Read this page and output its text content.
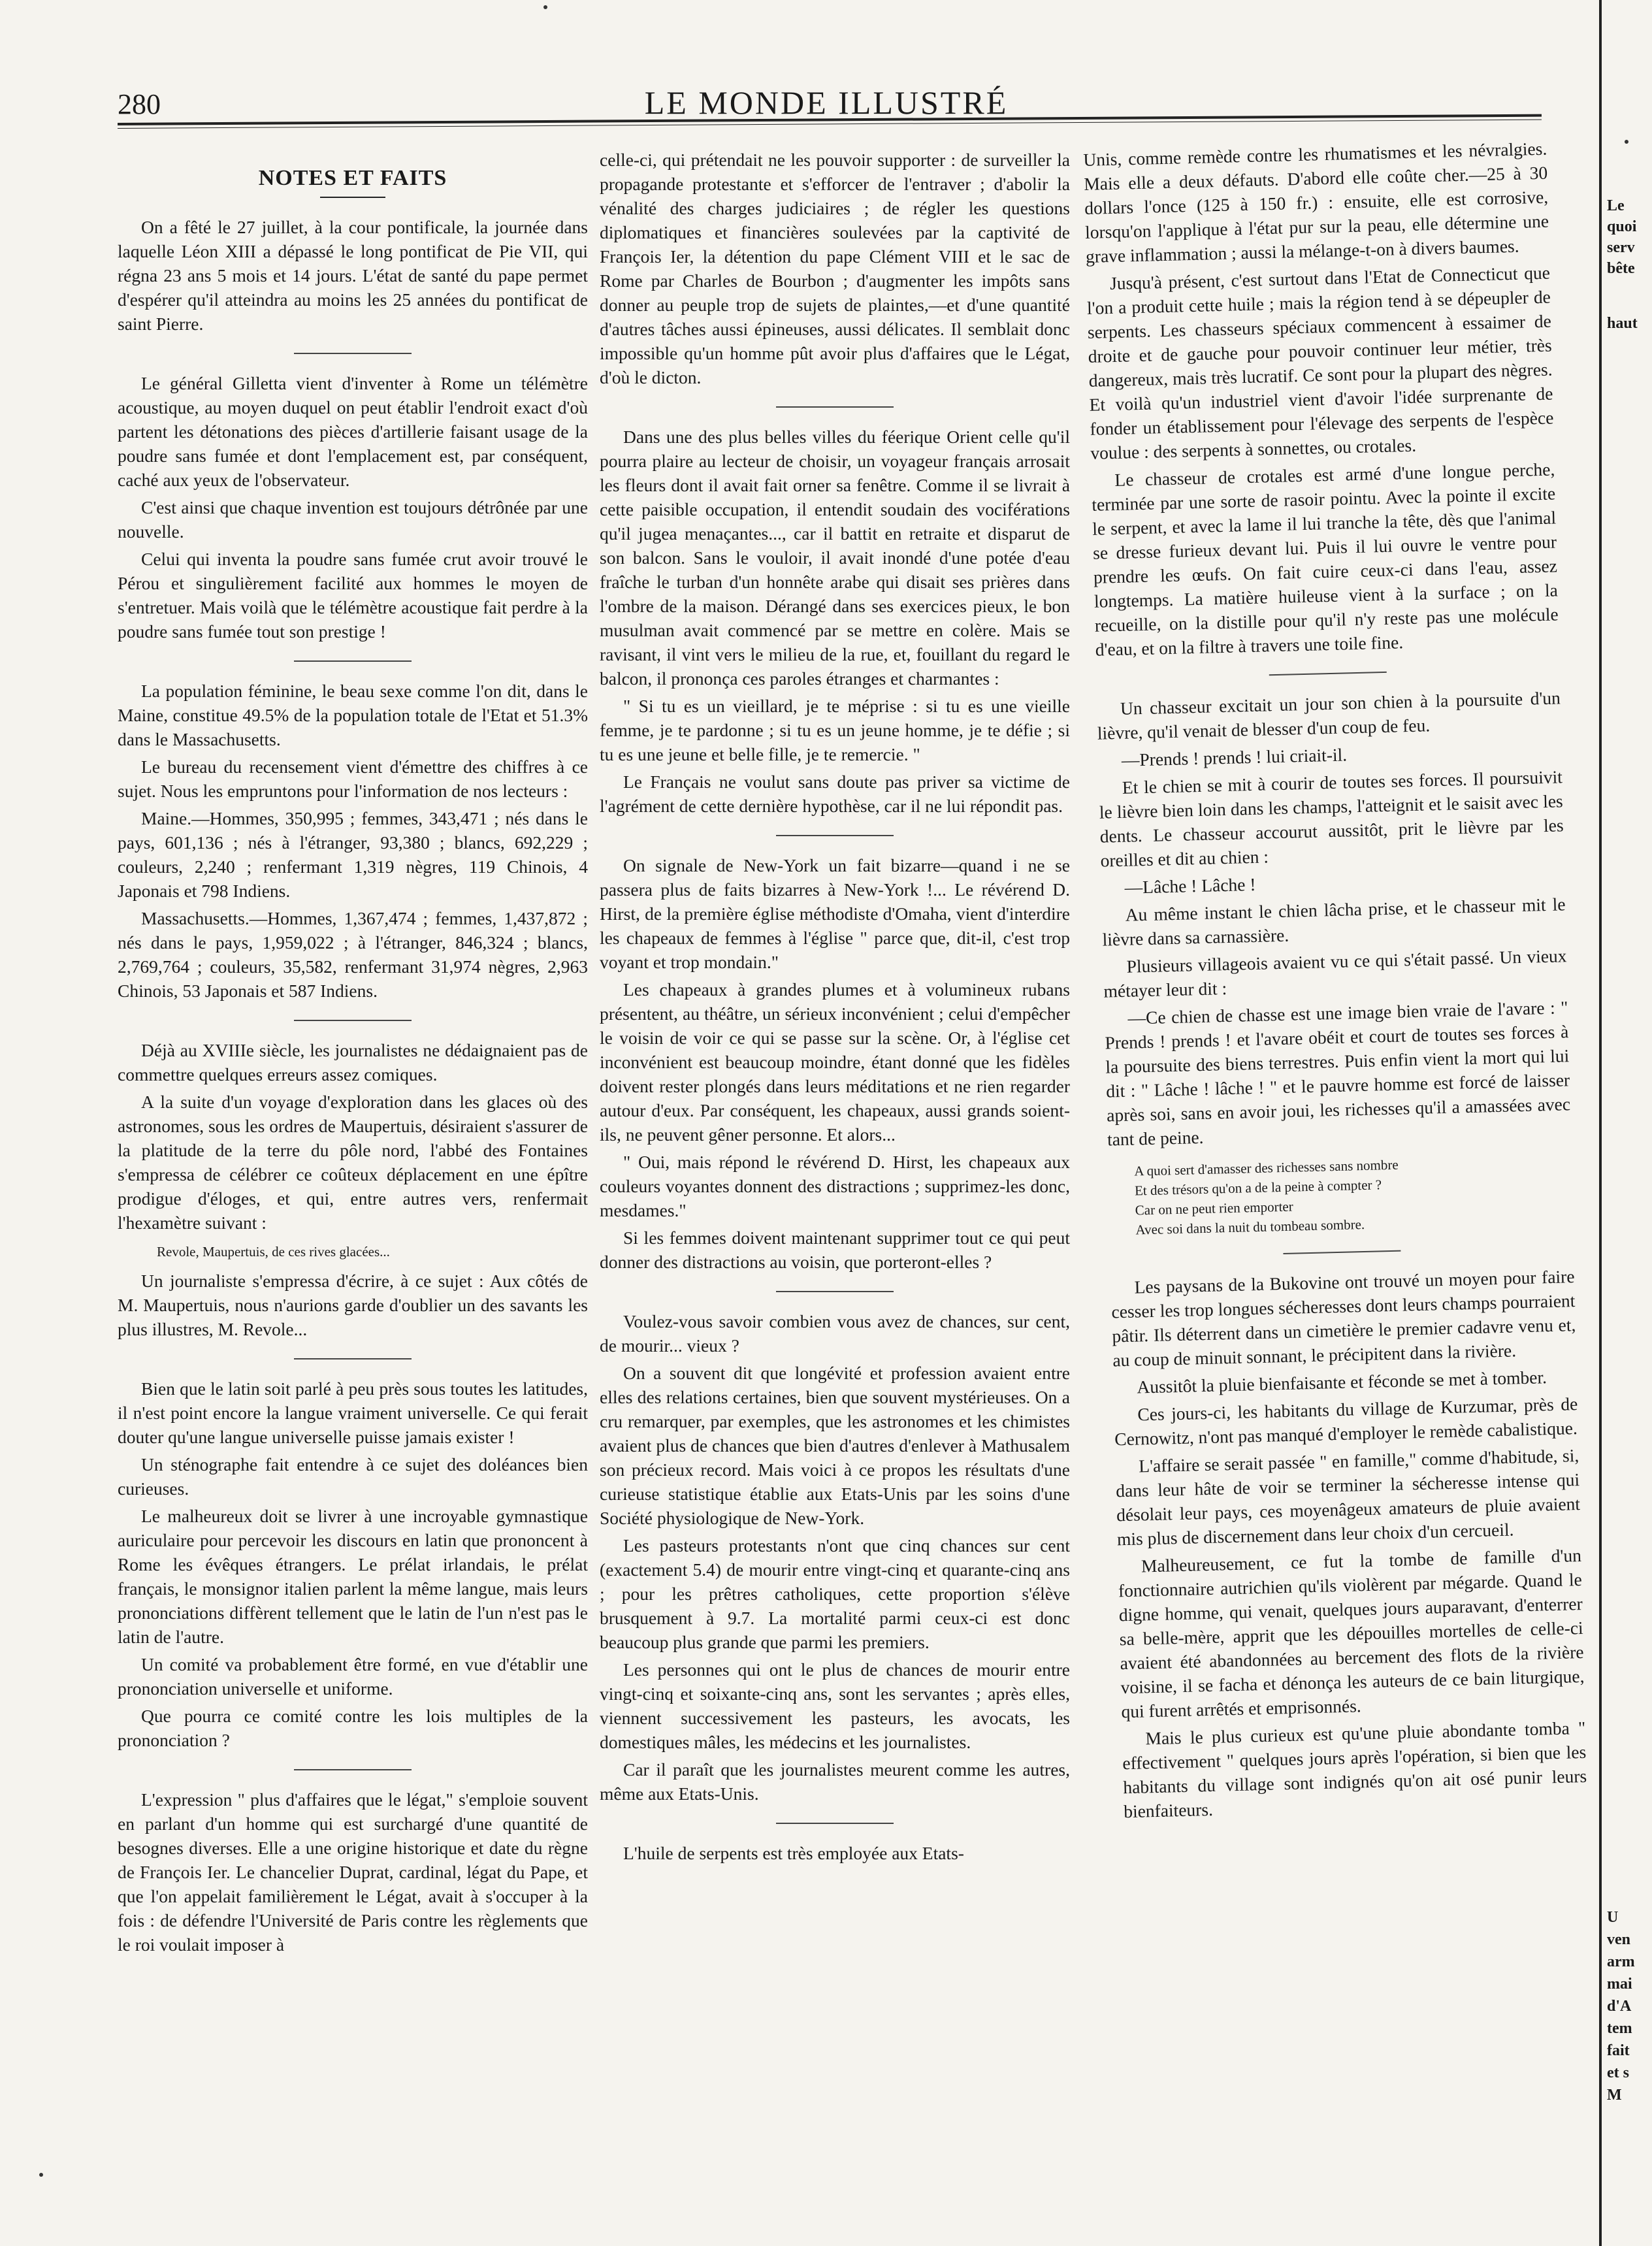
280	LE MONDE ILLUSTRÉ
NOTES ET FAITS

On a fêté le 27 juillet, à la cour pontificale, la journée dans laquelle Léon XIII a dépassé le long pontificat de Pie VII, qui régna 23 ans 5 mois et 14 jours. L'état de santé du pape permet d'espérer qu'il atteindra au moins les 25 années du pontificat de saint Pierre.

Le général Gilletta vient d'inventer à Rome un télémètre acoustique, au moyen duquel on peut établir l'endroit exact d'où partent les détonations des pièces d'artillerie faisant usage de la poudre sans fumée et dont l'emplacement est, par conséquent, caché aux yeux de l'observateur.

C'est ainsi que chaque invention est toujours détrônée par une nouvelle.

Celui qui inventa la poudre sans fumée crut avoir trouvé le Pérou et singulièrement facilité aux hommes le moyen de s'entretuer. Mais voilà que le télémètre acoustique fait perdre à la poudre sans fumée tout son prestige !

La population féminine, le beau sexe comme l'on dit, dans le Maine, constitue 49.5% de la population totale de l'Etat et 51.3% dans le Massachusetts.

Le bureau du recensement vient d'émettre des chiffres à ce sujet. Nous les empruntons pour l'information de nos lecteurs :

Maine.—Hommes, 350,995 ; femmes, 343,471 ; nés dans le pays, 601,136 ; nés à l'étranger, 93,380 ; blancs, 692,229 ; couleurs, 2,240 ; renfermant 1,319 nègres, 119 Chinois, 4 Japonais et 798 Indiens.

Massachusetts.—Hommes, 1,367,474 ; femmes, 1,437,872 ; nés dans le pays, 1,959,022 ; à l'étranger, 846,324 ; blancs, 2,769,764 ; couleurs, 35,582, renfermant 31,974 nègres, 2,963 Chinois, 53 Japonais et 587 Indiens.

Déjà au XVIIIe siècle, les journalistes ne dédaignaient pas de commettre quelques erreurs assez comiques.

A la suite d'un voyage d'exploration dans les glaces où des astronomes, sous les ordres de Maupertuis, désiraient s'assurer de la platitude de la terre du pôle nord, l'abbé des Fontaines s'empressa de célébrer ce coûteux déplacement en une épître prodigue d'éloges, et qui, entre autres vers, renfermait l'hexamètre suivant :

Revole, Maupertuis, de ces rives glacées...

Un journaliste s'empressa d'écrire, à ce sujet : Aux côtés de M. Maupertuis, nous n'aurions garde d'oublier un des savants les plus illustres, M. Revole...

Bien que le latin soit parlé à peu près sous toutes les latitudes, il n'est point encore la langue vraiment universelle. Ce qui ferait douter qu'une langue universelle puisse jamais exister !

Un sténographe fait entendre à ce sujet des doléances bien curieuses.

Le malheureux doit se livrer à une incroyable gymnastique auriculaire pour percevoir les discours en latin que prononcent à Rome les évêques étrangers. Le prélat irlandais, le prélat français, le monsignor italien parlent la même langue, mais leurs prononciations diffèrent tellement que le latin de l'un n'est pas le latin de l'autre.

Un comité va probablement être formé, en vue d'établir une prononciation universelle et uniforme.

Que pourra ce comité contre les lois multiples de la prononciation ?

L'expression " plus d'affaires que le légat," s'emploie souvent en parlant d'un homme qui est surchargé d'une quantité de besognes diverses. Elle a une origine historique et date du règne de François Ier. Le chancelier Duprat, cardinal, légat du Pape, et que l'on appelait familièrement le Légat, avait à s'occuper à la fois : de défendre l'Université de Paris contre les règlements que le roi voulait imposer à

celle-ci, qui prétendait ne les pouvoir supporter : de surveiller la propagande protestante et s'efforcer de l'entraver ; d'abolir la vénalité des charges judiciaires ; de régler les questions diplomatiques et financières soulevées par la captivité de François Ier, la détention du pape Clément VIII et le sac de Rome par Charles de Bourbon ; d'augmenter les impôts sans donner au peuple trop de sujets de plaintes,—et d'une quantité d'autres tâches aussi épineuses, aussi délicates. Il semblait donc impossible qu'un homme pût avoir plus d'affaires que le Légat, d'où le dicton.

Dans une des plus belles villes du féerique Orient celle qu'il pourra plaire au lecteur de choisir, un voyageur français arrosait les fleurs dont il avait fait orner sa fenêtre. Comme il se livrait à cette paisible occupation, il entendit soudain des vociférations qu'il jugea menaçantes..., car il battit en retraite et disparut de son balcon. Sans le vouloir, il avait inondé d'une potée d'eau fraîche le turban d'un honnête arabe qui disait ses prières dans l'ombre de la maison. Dérangé dans ses exercices pieux, le bon musulman avait commencé par se mettre en colère. Mais se ravisant, il vint vers le milieu de la rue, et, fouillant du regard le balcon, il prononça ces paroles étranges et charmantes :

" Si tu es un vieillard, je te méprise : si tu es une vieille femme, je te pardonne ; si tu es un jeune homme, je te défie ; si tu es une jeune et belle fille, je te remercie. "

Le Français ne voulut sans doute pas priver sa victime de l'agrément de cette dernière hypothèse, car il ne lui répondit pas.

On signale de New-York un fait bizarre—quand i ne se passera plus de faits bizarres à New-York !... Le révérend D. Hirst, de la première église méthodiste d'Omaha, vient d'interdire les chapeaux de femmes à l'église " parce que, dit-il, c'est trop voyant et trop mondain."

Les chapeaux à grandes plumes et à volumineux rubans présentent, au théâtre, un sérieux inconvénient ; celui d'empêcher le voisin de voir ce qui se passe sur la scène. Or, à l'église cet inconvénient est beaucoup moindre, étant donné que les fidèles doivent rester plongés dans leurs méditations et ne rien regarder autour d'eux. Par conséquent, les chapeaux, aussi grands soient-ils, ne peuvent gêner personne. Et alors...

" Oui, mais répond le révérend D. Hirst, les chapeaux aux couleurs voyantes donnent des distractions ; supprimez-les donc, mesdames."

Si les femmes doivent maintenant supprimer tout ce qui peut donner des distractions au voisin, que porteront-elles ?

Voulez-vous savoir combien vous avez de chances, sur cent, de mourir... vieux ?

On a souvent dit que longévité et profession avaient entre elles des relations certaines, bien que souvent mystérieuses. On a cru remarquer, par exemples, que les astronomes et les chimistes avaient plus de chances que bien d'autres d'enlever à Mathusalem son précieux record. Mais voici à ce propos les résultats d'une curieuse statistique établie aux Etats-Unis par les soins d'une Société physiologique de New-York.

Les pasteurs protestants n'ont que cinq chances sur cent (exactement 5.4) de mourir entre vingt-cinq et quarante-cinq ans ; pour les prêtres catholiques, cette proportion s'élève brusquement à 9.7. La mortalité parmi ceux-ci est donc beaucoup plus grande que parmi les premiers.

Les personnes qui ont le plus de chances de mourir entre vingt-cinq et soixante-cinq ans, sont les servantes ; après elles, viennent successivement les pasteurs, les avocats, les domestiques mâles, les médecins et les journalistes.

Car il paraît que les journalistes meurent comme les autres, même aux Etats-Unis.

L'huile de serpents est très employée aux Etats-

Unis, comme remède contre les rhumatismes et les névralgies. Mais elle a deux défauts. D'abord elle coûte cher.—25 à 30 dollars l'once (125 à 150 fr.) : ensuite, elle est corrosive, lorsqu'on l'applique à l'état pur sur la peau, elle détermine une grave inflammation ; aussi la mélange-t-on à divers baumes.

Jusqu'à présent, c'est surtout dans l'Etat de Connecticut que l'on a produit cette huile ; mais la région tend à se dépeupler de serpents. Les chasseurs spéciaux commencent à essaimer de droite et de gauche pour pouvoir continuer leur métier, très dangereux, mais très lucratif. Ce sont pour la plupart des nègres. Et voilà qu'un industriel vient d'avoir l'idée surprenante de fonder un établissement pour l'élevage des serpents de l'espèce voulue : des serpents à sonnettes, ou crotales.

Le chasseur de crotales est armé d'une longue perche, terminée par une sorte de rasoir pointu. Avec la pointe il excite le serpent, et avec la lame il lui tranche la tête, dès que l'animal se dresse furieux devant lui. Puis il lui ouvre le ventre pour prendre les œufs. On fait cuire ceux-ci dans l'eau, assez longtemps. La matière huileuse vient à la surface ; on la recueille, on la distille pour qu'il n'y reste pas une molécule d'eau, et on la filtre à travers une toile fine.

Un chasseur excitait un jour son chien à la poursuite d'un lièvre, qu'il venait de blesser d'un coup de feu.

—Prends ! prends ! lui criait-il.

Et le chien se mit à courir de toutes ses forces. Il poursuivit le lièvre bien loin dans les champs, l'atteignit et le saisit avec les dents. Le chasseur accourut aussitôt, prit le lièvre par les oreilles et dit au chien :

—Lâche ! Lâche !

Au même instant le chien lâcha prise, et le chasseur mit le lièvre dans sa carnassière.

Plusieurs villageois avaient vu ce qui s'était passé. Un vieux métayer leur dit :

—Ce chien de chasse est une image bien vraie de l'avare : " Prends ! prends ! et l'avare obéit et court de toutes ses forces à la poursuite des biens terrestres. Puis enfin vient la mort qui lui dit : " Lâche ! lâche ! " et le pauvre homme est forcé de laisser après soi, sans en avoir joui, les richesses qu'il a amassées avec tant de peine.

A quoi sert d'amasser des richesses sans nombre
Et des trésors qu'on a de la peine à compter ?
Car on ne peut rien emporter
Avec soi dans la nuit du tombeau sombre.

Les paysans de la Bukovine ont trouvé un moyen pour faire cesser les trop longues sécheresses dont leurs champs pourraient pâtir. Ils déterrent dans un cimetière le premier cadavre venu et, au coup de minuit sonnant, le précipitent dans la rivière.

Aussitôt la pluie bienfaisante et féconde se met à tomber.

Ces jours-ci, les habitants du village de Kurzumar, près de Cernowitz, n'ont pas manqué d'employer le remède cabalistique.

L'affaire se serait passée " en famille," comme d'habitude, si, dans leur hâte de voir se terminer la sécheresse intense qui désolait leur pays, ces moyenâgeux amateurs de pluie avaient mis plus de discernement dans leur choix d'un cercueil.

Malheureusement, ce fut la tombe de famille d'un fonctionnaire autrichien qu'ils violèrent par mégarde. Quand le digne homme, qui venait, quelques jours auparavant, d'enterrer sa belle-mère, apprit que les dépouilles mortelles de celle-ci avaient été abandonnées au bercement des flots de la rivière voisine, il se facha et dénonça les auteurs de ce bain liturgique, qui furent arrêtés et emprisonnés.

Mais le plus curieux est qu'une pluie abondante tomba " effectivement " quelques jours après l'opération, si bien que les habitants du village sont indignés qu'on ait osé punir leurs bienfaiteurs.

Le
quoi
serv
bête
haut
U
ven
arm
mai
d'A
tem
fait
et s
M
